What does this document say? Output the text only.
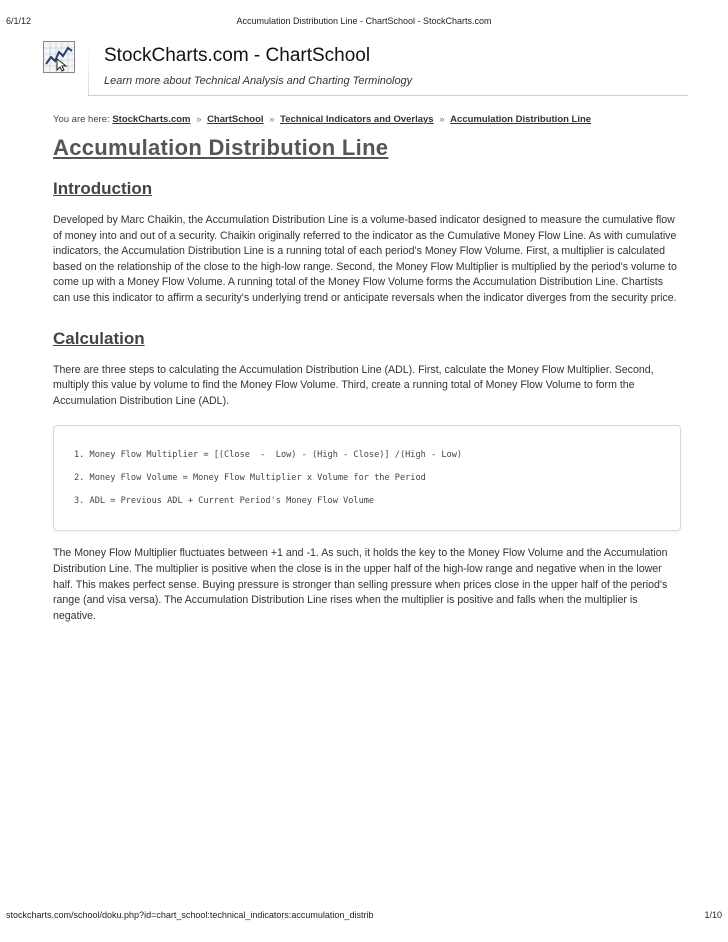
6/1/12	Accumulation Distribution Line - ChartSchool - StockCharts.com
StockCharts.com - ChartSchool
Learn more about Technical Analysis and Charting Terminology
You are here: StockCharts.com » ChartSchool » Technical Indicators and Overlays » Accumulation Distribution Line
Accumulation Distribution Line
Introduction

Developed by Marc Chaikin, the Accumulation Distribution Line is a volume-based indicator designed to measure the cumulative flow of money into and out of a security. Chaikin originally referred to the indicator as the Cumulative Money Flow Line. As with cumulative indicators, the Accumulation Distribution Line is a running total of each period's Money Flow Volume. First, a multiplier is calculated based on the relationship of the close to the high-low range. Second, the Money Flow Multiplier is multiplied by the period's volume to come up with a Money Flow Volume. A running total of the Money Flow Volume forms the Accumulation Distribution Line. Chartists can use this indicator to affirm a security's underlying trend or anticipate reversals when the indicator diverges from the security price.

Calculation

There are three steps to calculating the Accumulation Distribution Line (ADL). First, calculate the Money Flow Multiplier. Second, multiply this value by volume to find the Money Flow Volume. Third, create a running total of Money Flow Volume to form the Accumulation Distribution Line (ADL).

1. Money Flow Multiplier = [(Close  -  Low) - (High - Close)] /(High - Low)
2. Money Flow Volume = Money Flow Multiplier x Volume for the Period
3. ADL = Previous ADL + Current Period's Money Flow Volume

The Money Flow Multiplier fluctuates between +1 and -1. As such, it holds the key to the Money Flow Volume and the Accumulation Distribution Line. The multiplier is positive when the close is in the upper half of the high-low range and negative when in the lower half. This makes perfect sense. Buying pressure is stronger than selling pressure when prices close in the upper half of the period's range (and visa versa). The Accumulation Distribution Line rises when the multiplier is positive and falls when the multiplier is negative.

stockcharts.com/school/doku.php?id=chart_school:technical_indicators:accumulation_distrib	1/10
